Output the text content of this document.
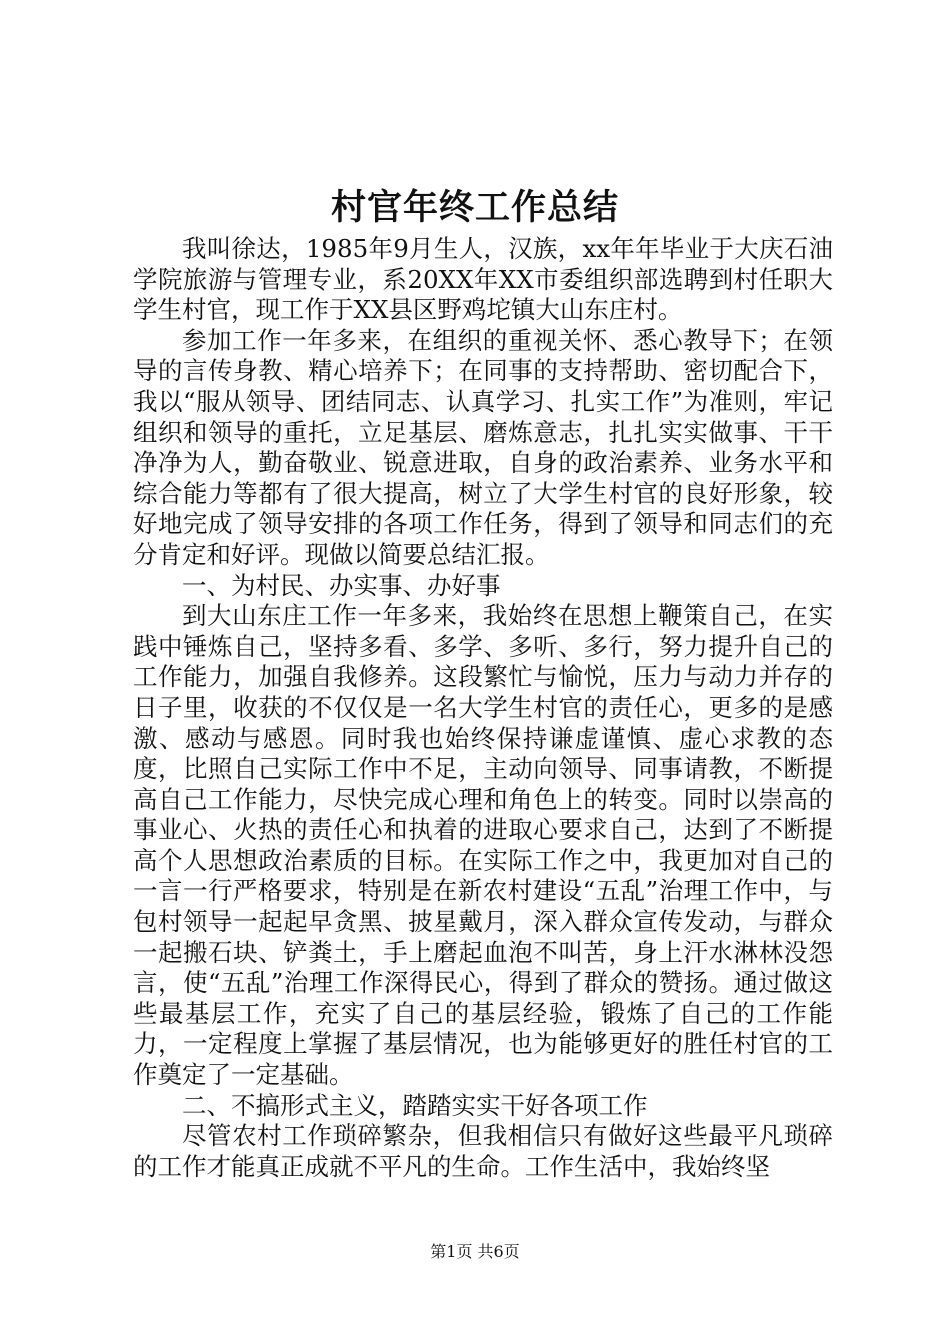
村官年终工作总结

我叫徐达，1985年9月生人，汉族，xx年年毕业于大庆石油学院旅游与管理专业，系20XX年XX市委组织部选聘到村任职大学生村官，现工作于XX县区野鸡坨镇大山东庄村。

参加工作一年多来，在组织的重视关怀、悉心教导下；在领导的言传身教、精心培养下；在同事的支持帮助、密切配合下，我以“服从领导、团结同志、认真学习、扎实工作”为准则，牢记组织和领导的重托，立足基层、磨炼意志，扎扎实实做事、干干净净为人，勤奋敬业、锐意进取，自身的政治素养、业务水平和综合能力等都有了很大提高，树立了大学生村官的良好形象，较好地完成了领导安排的各项工作任务，得到了领导和同志们的充分肯定和好评。现做以简要总结汇报。

一、为村民、办实事、办好事

到大山东庄工作一年多来，我始终在思想上鞭策自己，在实践中锤炼自己，坚持多看、多学、多听、多行，努力提升自己的工作能力，加强自我修养。这段繁忙与愉悦，压力与动力并存的日子里，收获的不仅仅是一名大学生村官的责任心，更多的是感激、感动与感恩。同时我也始终保持谦虚谨慎、虚心求教的态度，比照自己实际工作中不足，主动向领导、同事请教，不断提高自己工作能力，尽快完成心理和角色上的转变。同时以崇高的事业心、火热的责任心和执着的进取心要求自己，达到了不断提高个人思想政治素质的目标。在实际工作之中，我更加对自己的一言一行严格要求，特别是在新农村建设“五乱”治理工作中，与包村领导一起起早贪黑、披星戴月，深入群众宣传发动，与群众一起搬石块、铲粪土，手上磨起血泡不叫苦，身上汗水淋林没怨言，使“五乱”治理工作深得民心，得到了群众的赞扬。通过做这些最基层工作，充实了自己的基层经验，锻炼了自己的工作能力，一定程度上掌握了基层情况，也为能够更好的胜任村官的工作奠定了一定基础。

二、不搞形式主义，踏踏实实干好各项工作

尽管农村工作琐碎繁杂，但我相信只有做好这些最平凡琐碎的工作才能真正成就不平凡的生命。工作生活中，我始终坚

第1页 共6页
